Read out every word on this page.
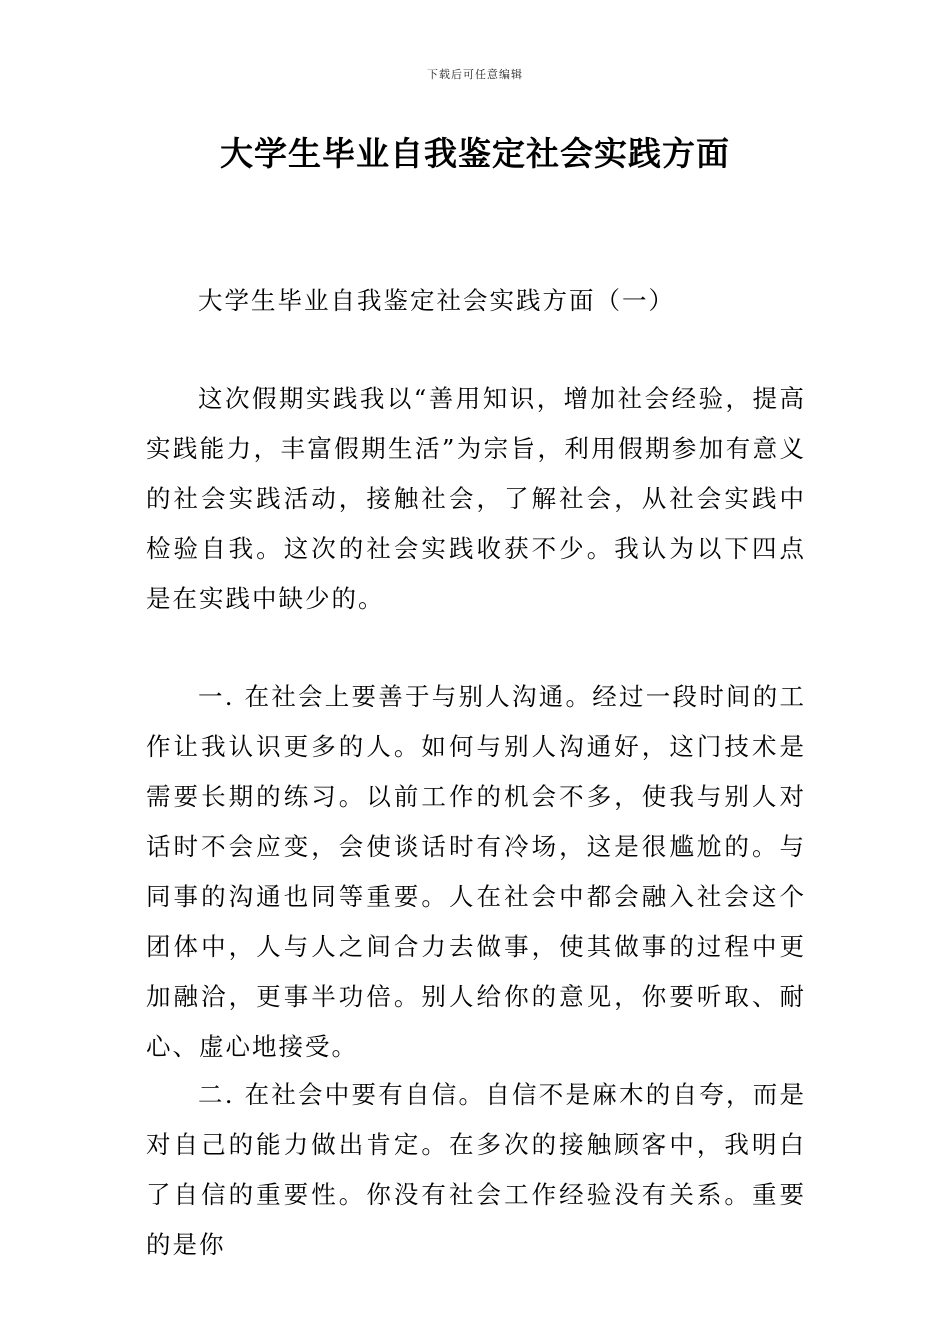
下载后可任意编辑
大学生毕业自我鉴定社会实践方面

大学生毕业自我鉴定社会实践方面（一）

这次假期实践我以“善用知识，增加社会经验，提高实践能力，丰富假期生活”为宗旨，利用假期参加有意义的社会实践活动，接触社会，了解社会，从社会实践中检验自我。这次的社会实践收获不少。我认为以下四点是在实践中缺少的。

一. 在社会上要善于与别人沟通。经过一段时间的工作让我认识更多的人。如何与别人沟通好，这门技术是需要长期的练习。以前工作的机会不多，使我与别人对话时不会应变，会使谈话时有冷场，这是很尴尬的。与同事的沟通也同等重要。人在社会中都会融入社会这个团体中，人与人之间合力去做事，使其做事的过程中更加融洽，更事半功倍。别人给你的意见，你要听取、耐心、虚心地接受。

二. 在社会中要有自信。自信不是麻木的自夸，而是对自己的能力做出肯定。在多次的接触顾客中，我明白了自信的重要性。你没有社会工作经验没有关系。重要的是你
